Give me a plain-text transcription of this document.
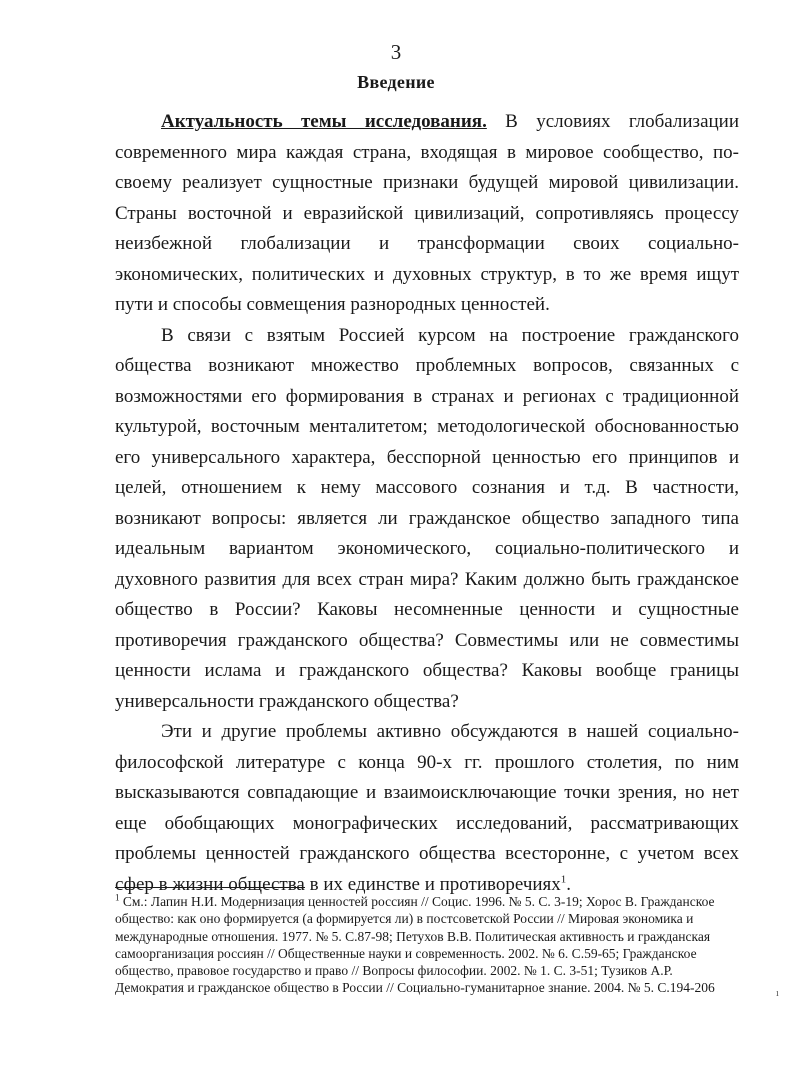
3
Введение

Актуальность темы исследования. В условиях глобализации современного мира каждая страна, входящая в мировое сообщество, по-своему реализует сущностные признаки будущей мировой цивилизации. Страны восточной и евразийской цивилизаций, сопротивляясь процессу неизбежной глобализации и трансформации своих социально-экономических, политических и духовных структур, в то же время ищут пути и способы совмещения разнородных ценностей.

В связи с взятым Россией курсом на построение гражданского общества возникают множество проблемных вопросов, связанных с возможностями его формирования в странах и регионах с традиционной культурой, восточным менталитетом; методологической обоснованностью его универсального характера, бесспорной ценностью его принципов и целей, отношением к нему массового сознания и т.д. В частности, возникают вопросы: является ли гражданское общество западного типа идеальным вариантом экономического, социально-политического и духовного развития для всех стран мира? Каким должно быть гражданское общество в России? Каковы несомненные ценности и сущностные противоречия гражданского общества? Совместимы или не совместимы ценности ислама и гражданского общества? Каковы вообще границы универсальности гражданского общества?

Эти и другие проблемы активно обсуждаются в нашей социально-философской литературе с конца 90-х гг. прошлого столетия, по ним высказываются совпадающие и взаимоисключающие точки зрения, но нет еще обобщающих монографических исследований, рассматривающих проблемы ценностей гражданского общества всесторонне, с учетом всех сфер в жизни общества в их единстве и противоречиях$^1$.

$^1$ См.: Лапин Н.И. Модернизация ценностей россиян // Социс. 1996. № 5. С. 3-19; Хорос В. Гражданское общество: как оно формируется (а формируется ли) в постсоветской России // Мировая экономика и международные отношения. 1977. № 5. С.87-98; Петухов В.В. Политическая активность и гражданская самоорганизация россиян // Общественные науки и современность. 2002. № 6. С.59-65; Гражданское общество, правовое государство и право // Вопросы философии. 2002. № 1. С. 3-51; Тузиков А.Р. Демократия и гражданское общество в России // Социально-гуманитарное знание. 2004. № 5. С.194-206	ı
